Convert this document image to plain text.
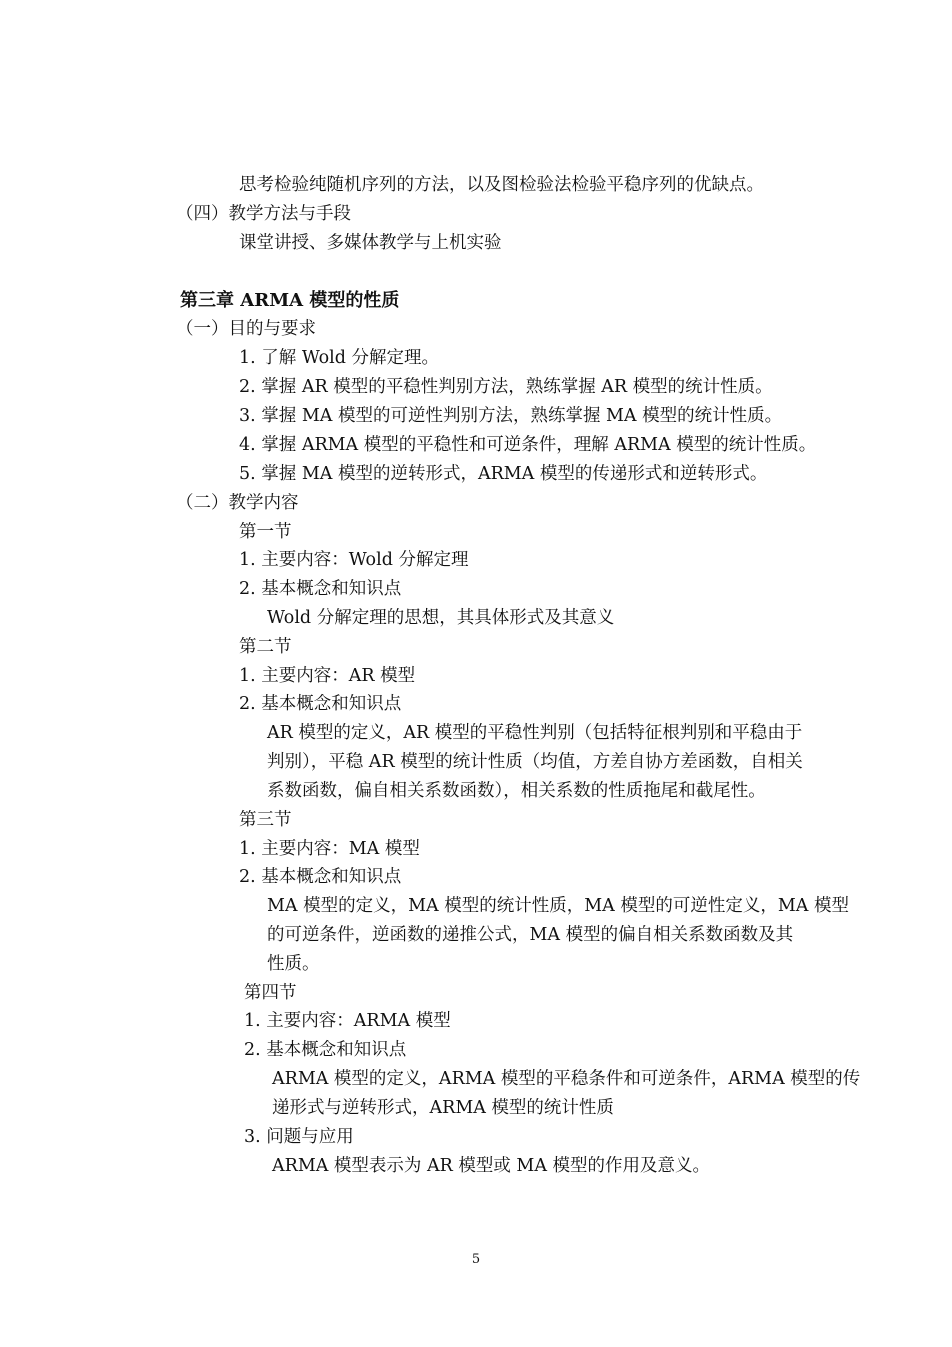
思考检验纯随机序列的方法，以及图检验法检验平稳序列的优缺点。
（四）教学方法与手段
课堂讲授、多媒体教学与上机实验
第三章 ARMA 模型的性质
（一）目的与要求
1. 了解 Wold 分解定理。
2. 掌握 AR 模型的平稳性判别方法，熟练掌握 AR 模型的统计性质。
3. 掌握 MA 模型的可逆性判别方法，熟练掌握 MA 模型的统计性质。
4. 掌握 ARMA 模型的平稳性和可逆条件，理解 ARMA 模型的统计性质。
5. 掌握 MA 模型的逆转形式，ARMA 模型的传递形式和逆转形式。
（二）教学内容
第一节
1. 主要内容：Wold 分解定理
2. 基本概念和知识点
Wold 分解定理的思想，其具体形式及其意义
第二节
1. 主要内容：AR 模型
2. 基本概念和知识点
AR 模型的定义，AR 模型的平稳性判别（包括特征根判别和平稳由于
判别），平稳 AR 模型的统计性质（均值，方差自协方差函数，自相关
系数函数，偏自相关系数函数），相关系数的性质拖尾和截尾性。
第三节
1. 主要内容：MA 模型
2. 基本概念和知识点
MA 模型的定义，MA 模型的统计性质，MA 模型的可逆性定义，MA 模型
的可逆条件，逆函数的递推公式，MA 模型的偏自相关系数函数及其
性质。
第四节
1. 主要内容：ARMA 模型
2. 基本概念和知识点
ARMA 模型的定义，ARMA 模型的平稳条件和可逆条件，ARMA 模型的传
递形式与逆转形式，ARMA 模型的统计性质
3. 问题与应用
ARMA 模型表示为 AR 模型或 MA 模型的作用及意义。
5
